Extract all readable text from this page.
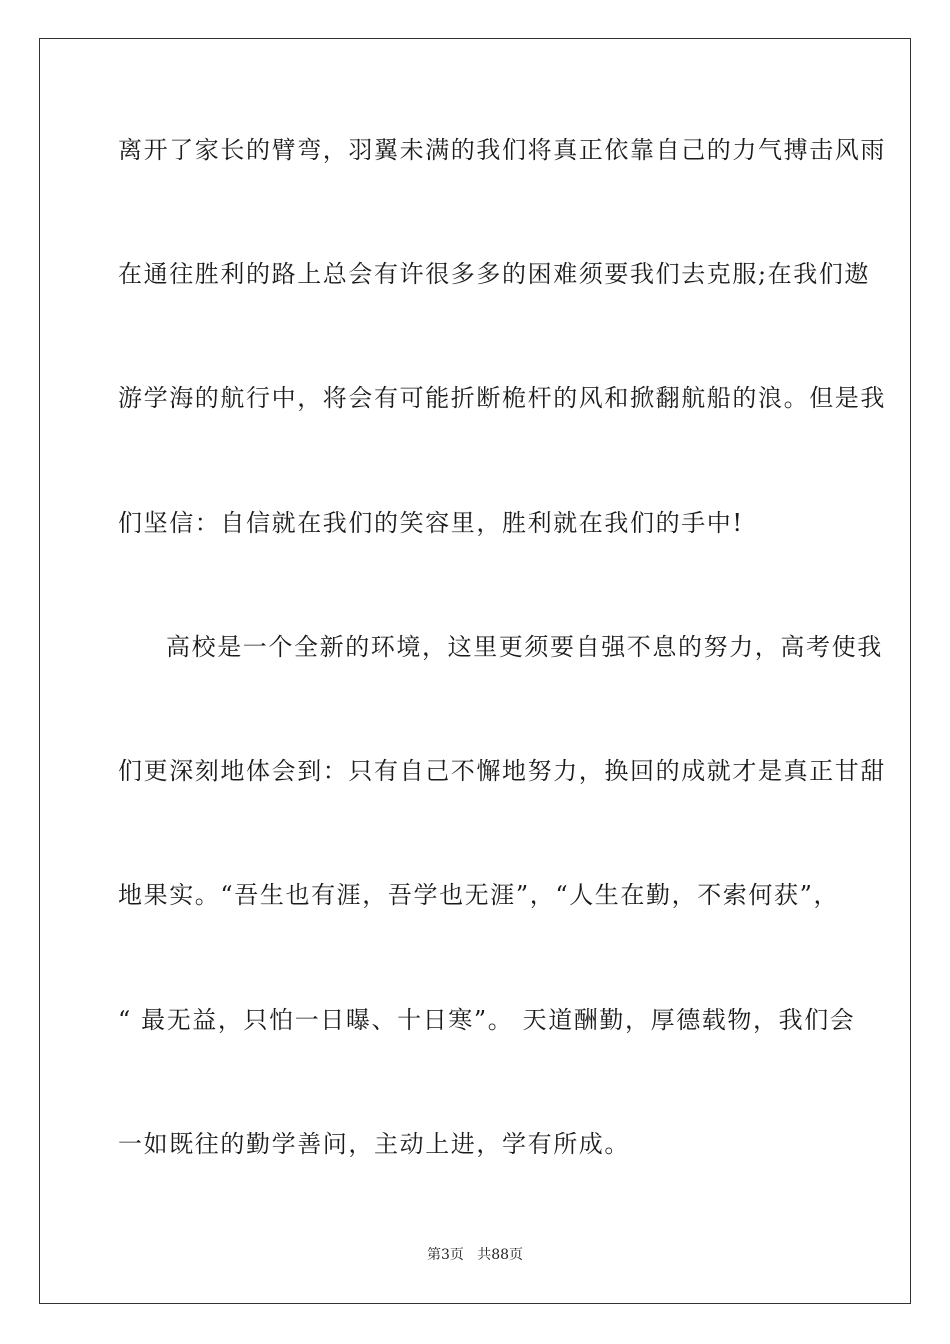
离开了家长的臂弯，羽翼未满的我们将真正依靠自己的力气搏击风雨
在通往胜利的路上总会有许很多多的困难须要我们去克服;在我们遨
游学海的航行中，将会有可能折断桅杆的风和掀翻航船的浪。但是我
们坚信：自信就在我们的笑容里，胜利就在我们的手中!
高校是一个全新的环境，这里更须要自强不息的努力，高考使我
们更深刻地体会到：只有自己不懈地努力，换回的成就才是真正甘甜
地果实。“吾生也有涯，吾学也无涯”，“人生在勤，不索何获”，
“ 最无益，只怕一日曝、十日寒”。 天道酬勤，厚德载物，我们会
一如既往的勤学善问，主动上进，学有所成。
第3页 共88页
